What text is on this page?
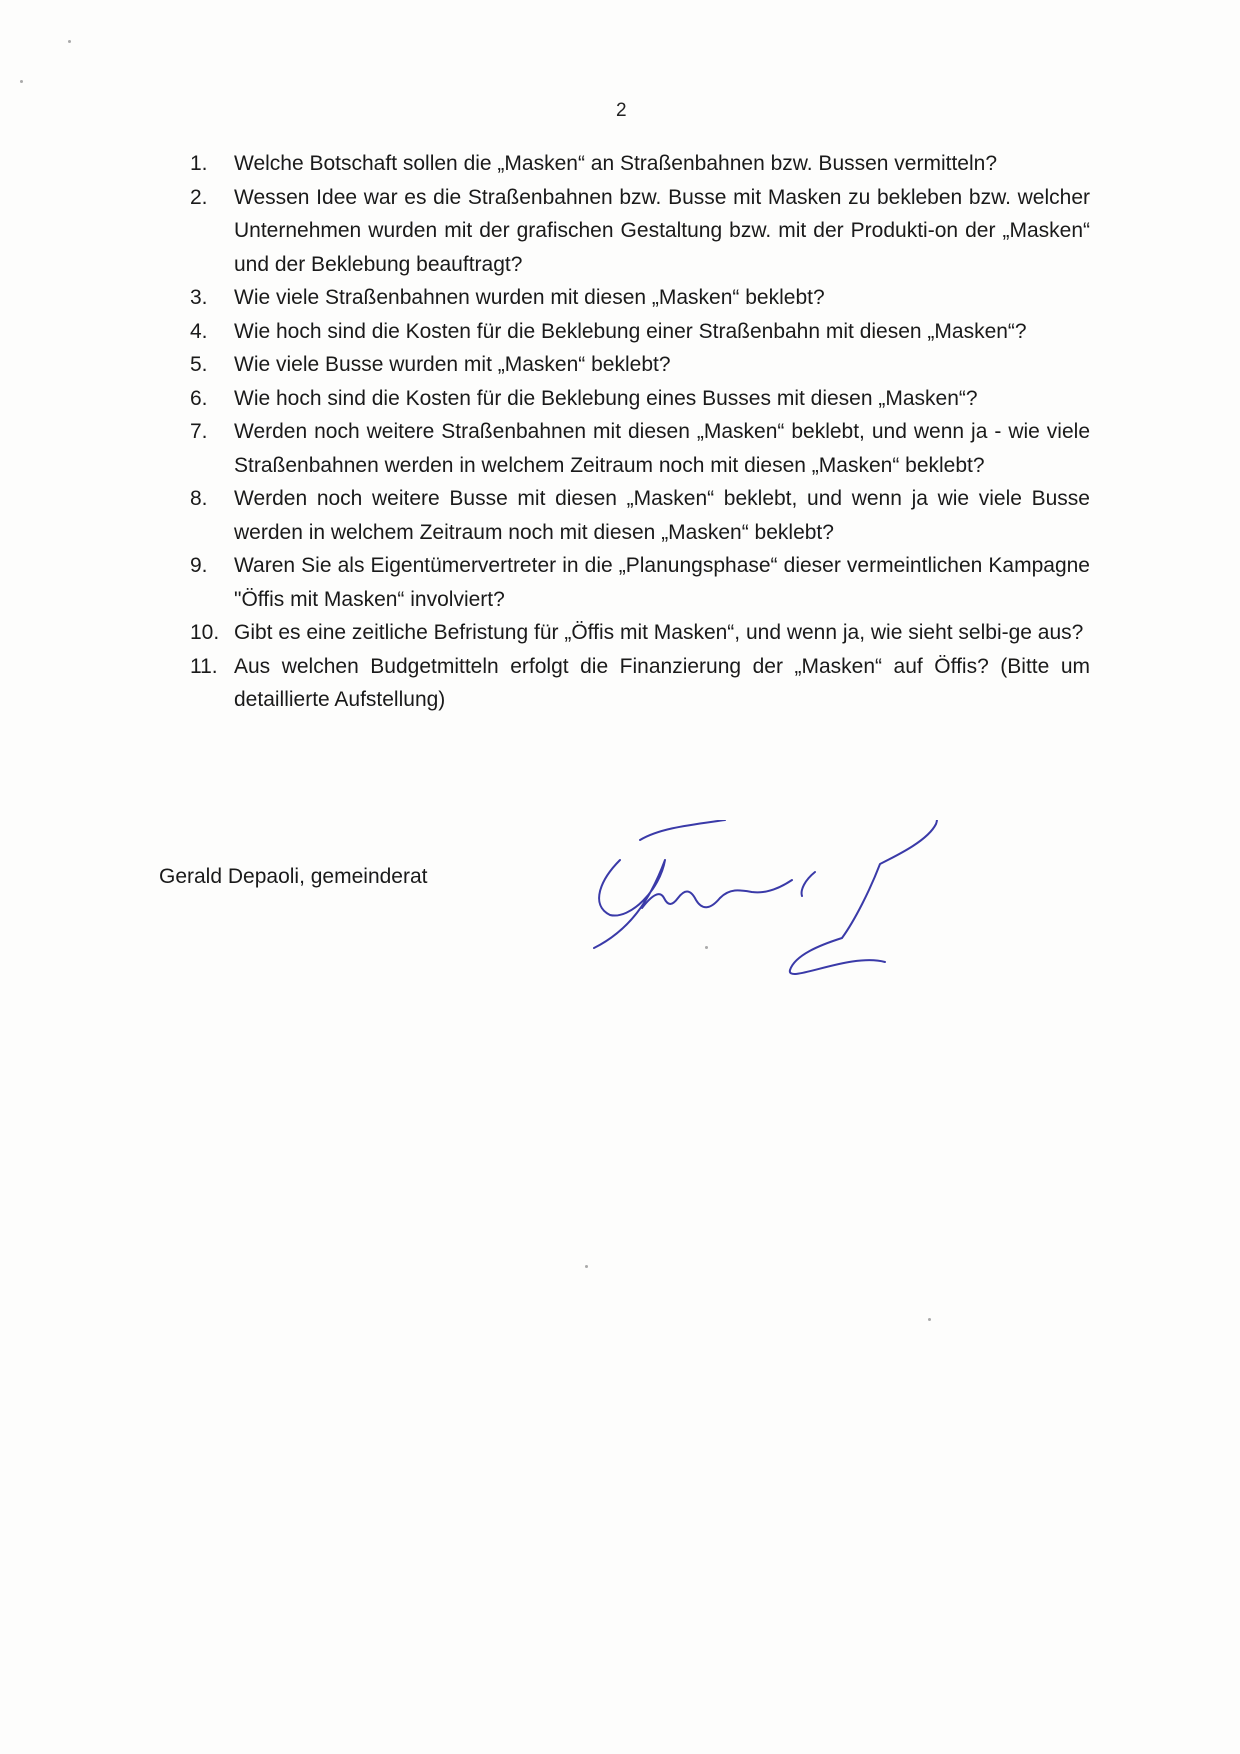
2
1.	Welche Botschaft sollen die „Masken“ an Straßenbahnen bzw. Bussen vermitteln?
2.	Wessen Idee war es die Straßenbahnen bzw. Busse mit Masken zu bekleben bzw. welcher Unternehmen wurden mit der grafischen Gestaltung bzw. mit der Produkti-on der „Masken“ und der Beklebung beauftragt?
3.	Wie viele Straßenbahnen wurden mit diesen „Masken“ beklebt?
4.	Wie hoch sind die Kosten für die Beklebung einer Straßenbahn mit diesen „Masken“?
5.	Wie viele Busse wurden mit „Masken“ beklebt?
6.	Wie hoch sind die Kosten für die Beklebung eines Busses mit diesen „Masken“?
7.	Werden noch weitere Straßenbahnen mit diesen „Masken“ beklebt, und wenn ja - wie viele Straßenbahnen werden in welchem Zeitraum noch mit diesen „Masken“ beklebt?
8.	Werden noch weitere Busse mit diesen „Masken“ beklebt, und wenn ja wie viele Busse werden in welchem Zeitraum noch mit diesen „Masken“ beklebt?
9.	Waren Sie als Eigentümervertreter in die „Planungsphase“ dieser vermeintlichen Kampagne "Öffis mit Masken“ involviert?
10. Gibt es eine zeitliche Befristung für „Öffis mit Masken“, und wenn ja, wie sieht selbi-ge aus?
11. Aus welchen Budgetmitteln erfolgt die Finanzierung der „Masken“ auf Öffis? (Bitte um detaillierte Aufstellung)
Gerald Depaoli, gemeinderat
